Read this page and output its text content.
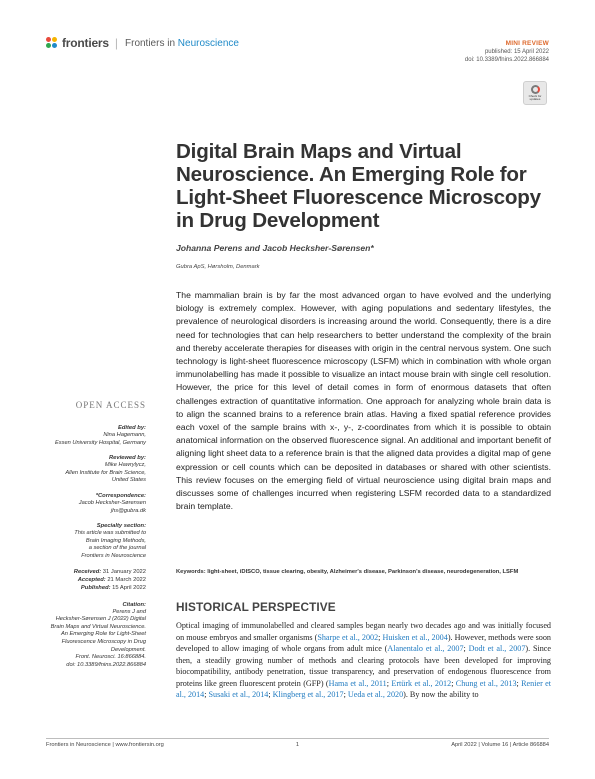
frontiers | Frontiers in Neuroscience	MINI REVIEW
published: 15 April 2022
doi: 10.3389/fnins.2022.866884
Check for updates
Digital Brain Maps and Virtual Neuroscience. An Emerging Role for Light-Sheet Fluorescence Microscopy in Drug Development
Johanna Perens and Jacob Hecksher-Sørensen*
Gubra ApS, Hørsholm, Denmark

The mammalian brain is by far the most advanced organ to have evolved and the underlying biology is extremely complex. However, with aging populations and sedentary lifestyles, the prevalence of neurological disorders is increasing around the world. Consequently, there is a dire need for technologies that can help researchers to better understand the complexity of the brain and thereby accelerate therapies for diseases with origin in the central nervous system. One such technology is light-sheet fluorescence microscopy (LSFM) which in combination with whole organ immunolabelling has made it possible to visualize an intact mouse brain with single cell resolution. However, the price for this level of detail comes in form of enormous datasets that often challenges extraction of quantitative information. One approach for analyzing whole brain data is to align the scanned brains to a reference brain atlas. Having a fixed spatial reference provides each voxel of the sample brains with x-, y-, z-coordinates from which it is possible to obtain anatomical information on the observed fluorescence signal. An additional and important benefit of aligning light sheet data to a reference brain is that the aligned data provides a digital map of gene expression or cell counts which can be deposited in databases or shared with other scientists. This review focuses on the emerging field of virtual neuroscience using digital brain maps and discusses some of challenges incurred when registering LSFM recorded data to a standardized brain template.

Keywords: light-sheet, iDISCO, tissue clearing, obesity, Alzheimer's disease, Parkinson's disease, neurodegeneration, LSFM

HISTORICAL PERSPECTIVE

Optical imaging of immunolabelled and cleared samples began nearly two decades ago and was initially focused on mouse embryos and smaller organisms (Sharpe et al., 2002; Huisken et al., 2004). However, methods were soon developed to allow imaging of whole organs from adult mice (Alanentalo et al., 2007; Dodt et al., 2007). Since then, a steadily growing number of methods and clearing protocols have been developed for improving biocompatibility, antibody penetration, tissue transparency, and preservation of endogenous fluorescence from proteins like green fluorescent protein (GFP) (Hama et al., 2011; Ertürk et al., 2012; Chung et al., 2013; Renier et al., 2014; Susaki et al., 2014; Klingberg et al., 2017; Ueda et al., 2020). By now the ability to

OPEN ACCESS
Edited by:
Nina Hagemann,
Essen University Hospital, Germany
Reviewed by:
Mike Hawrylycz,
Allen Institute for Brain Science,
United States
*Correspondence:
Jacob Hecksher-Sørensen
jhs@gubra.dk
Specialty section:
This article was submitted to
Brain Imaging Methods,
a section of the journal
Frontiers in Neuroscience
Received: 31 January 2022
Accepted: 21 March 2022
Published: 15 April 2022
Citation:
Perens J and
Hecksher-Sørensen J (2022) Digital
Brain Maps and Virtual Neuroscience.
An Emerging Role for Light-Sheet
Fluorescence Microscopy in Drug
Development.
Front. Neurosci. 16:866884.
doi: 10.3389/fnins.2022.866884
Frontiers in Neuroscience | www.frontiersin.org	1	April 2022 | Volume 16 | Article 866884
